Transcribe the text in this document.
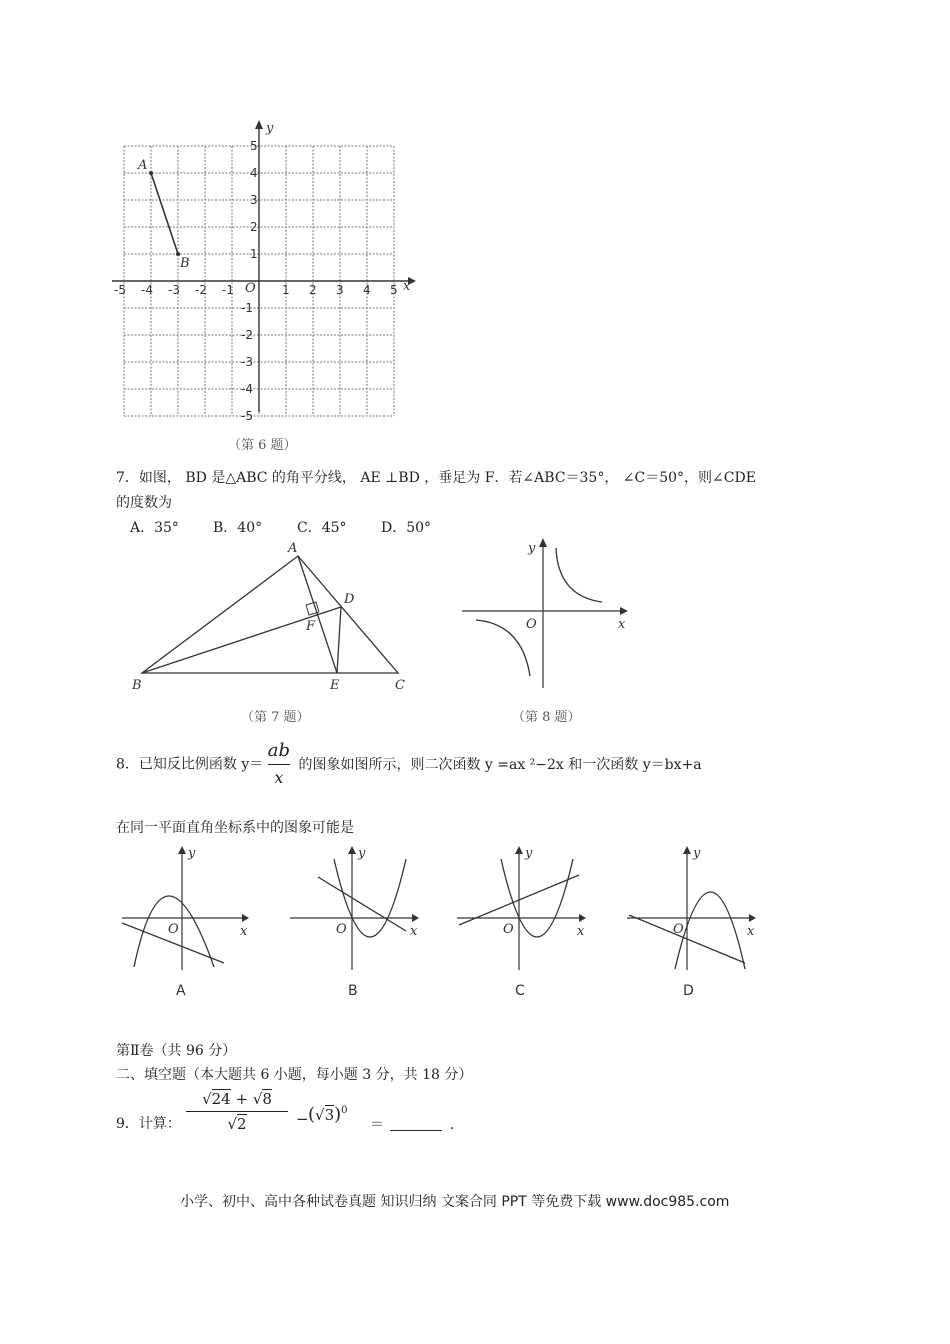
y
x
O
-5 -4 -3 -2 -1	1 2 3 4 5
5
4
3
2
1
-1
-2
-3
-4
-5
A
B
（第 6 题）
7．如图， BD 是△ABC 的角平分线， AE ⊥BD ，垂足为 F．若∠ABC＝35°， ∠C＝50°，则∠CDE
的度数为
A．35° B．40° C．45° D．50°
A
B	C
D
E
F
（第 7 题）
y
x
O
（第 8 题）
8．已知反比例函数 $y= \frac{ab}{x}$ 的图象如图所示，则二次函数 y =ax ²−2x 和一次函数 y＝bx+a
在同一平面直角坐标系中的图象可能是
y
x
O
A
y
x
O
B
y
x
O
C
y
x
O
D
第Ⅱ卷（共 96 分）
二、填空题（本大题共 6 小题，每小题 3 分，共 18 分）
9．计算：
√24 + √8
√2	− $(√3)^0$
＝	．
小学、初中、高中各种试卷真题 知识归纳 文案合同 PPT 等免费下载 www.doc985.com
